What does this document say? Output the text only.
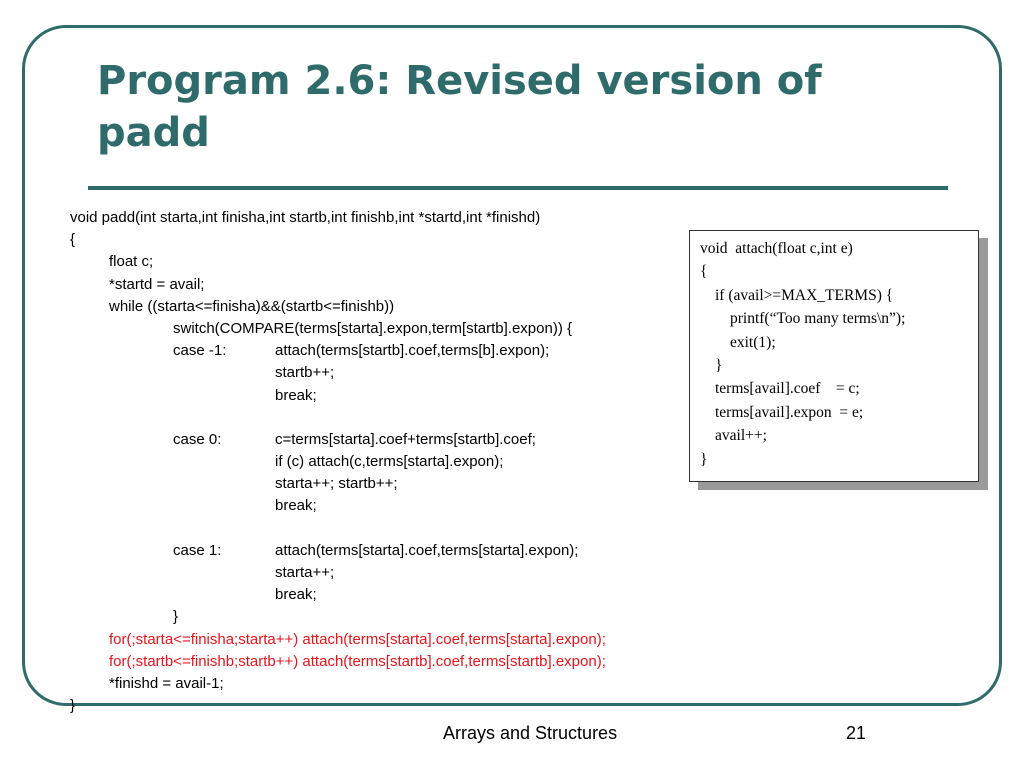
Program 2.6: Revised version of
padd
void padd(int starta,int finisha,int startb,int finishb,int *startd,int *finishd)
{
float c;
*startd = avail;
while ((starta<=finisha)&&(startb<=finishb))
switch(COMPARE(terms[starta].expon,term[startb].expon)) {
case -1:	attach(terms[startb].coef,terms[b].expon);
startb++;
break;
case 0:	c=terms[starta].coef+terms[startb].coef;
if (c) attach(c,terms[starta].expon);
starta++; startb++;
break;
case 1:	attach(terms[starta].coef,terms[starta].expon);
starta++;
break;
}
for(;starta<=finisha;starta++) attach(terms[starta].coef,terms[starta].expon);
for(;startb<=finishb;startb++) attach(terms[startb].coef,terms[startb].expon);
*finishd = avail-1;
}
void  attach(float c,int e)
{
if (avail>=MAX_TERMS) {
printf(“Too many terms\n”);
exit(1);
}
terms[avail].coef    = c;
terms[avail].expon  = e;
avail++;
}
Arrays and Structures	21
